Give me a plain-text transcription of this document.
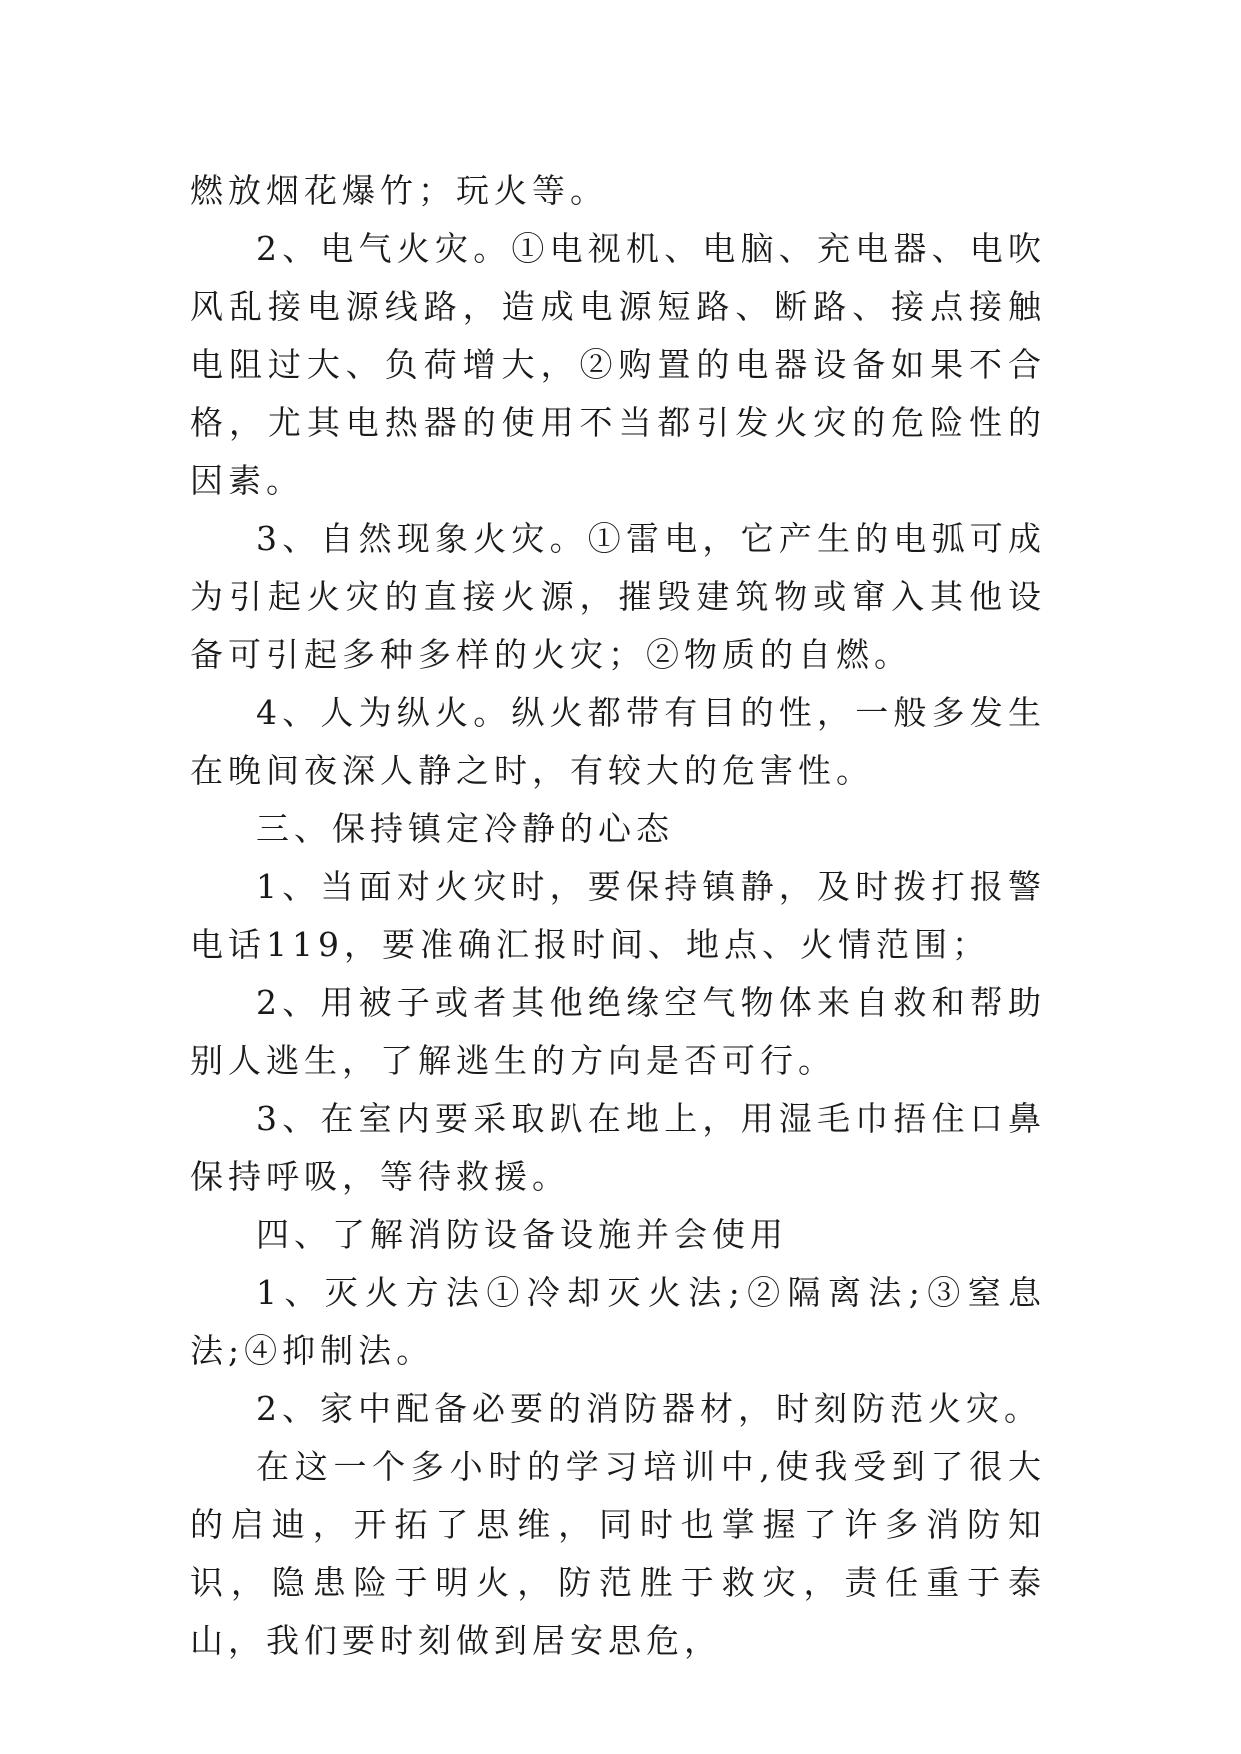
燃放烟花爆竹；玩火等。

2、电气火灾。①电视机、电脑、充电器、电吹风乱接电源线路，造成电源短路、断路、接点接触电阻过大、负荷增大，②购置的电器设备如果不合格，尤其电热器的使用不当都引发火灾的危险性的因素。

3、自然现象火灾。①雷电，它产生的电弧可成为引起火灾的直接火源，摧毁建筑物或窜入其他设备可引起多种多样的火灾；②物质的自燃。

4、人为纵火。纵火都带有目的性，一般多发生在晚间夜深人静之时，有较大的危害性。

三、保持镇定冷静的心态

1、当面对火灾时，要保持镇静，及时拨打报警电话119，要准确汇报时间、地点、火情范围；

2、用被子或者其他绝缘空气物体来自救和帮助别人逃生，了解逃生的方向是否可行。

3、在室内要采取趴在地上，用湿毛巾捂住口鼻保持呼吸，等待救援。

四、了解消防设备设施并会使用

1、灭火方法①冷却灭火法;②隔离法;③窒息法;④抑制法。

2、家中配备必要的消防器材，时刻防范火灾。

在这一个多小时的学习培训中,使我受到了很大的启迪，开拓了思维，同时也掌握了许多消防知识，隐患险于明火，防范胜于救灾，责任重于泰山，我们要时刻做到居安思危，
